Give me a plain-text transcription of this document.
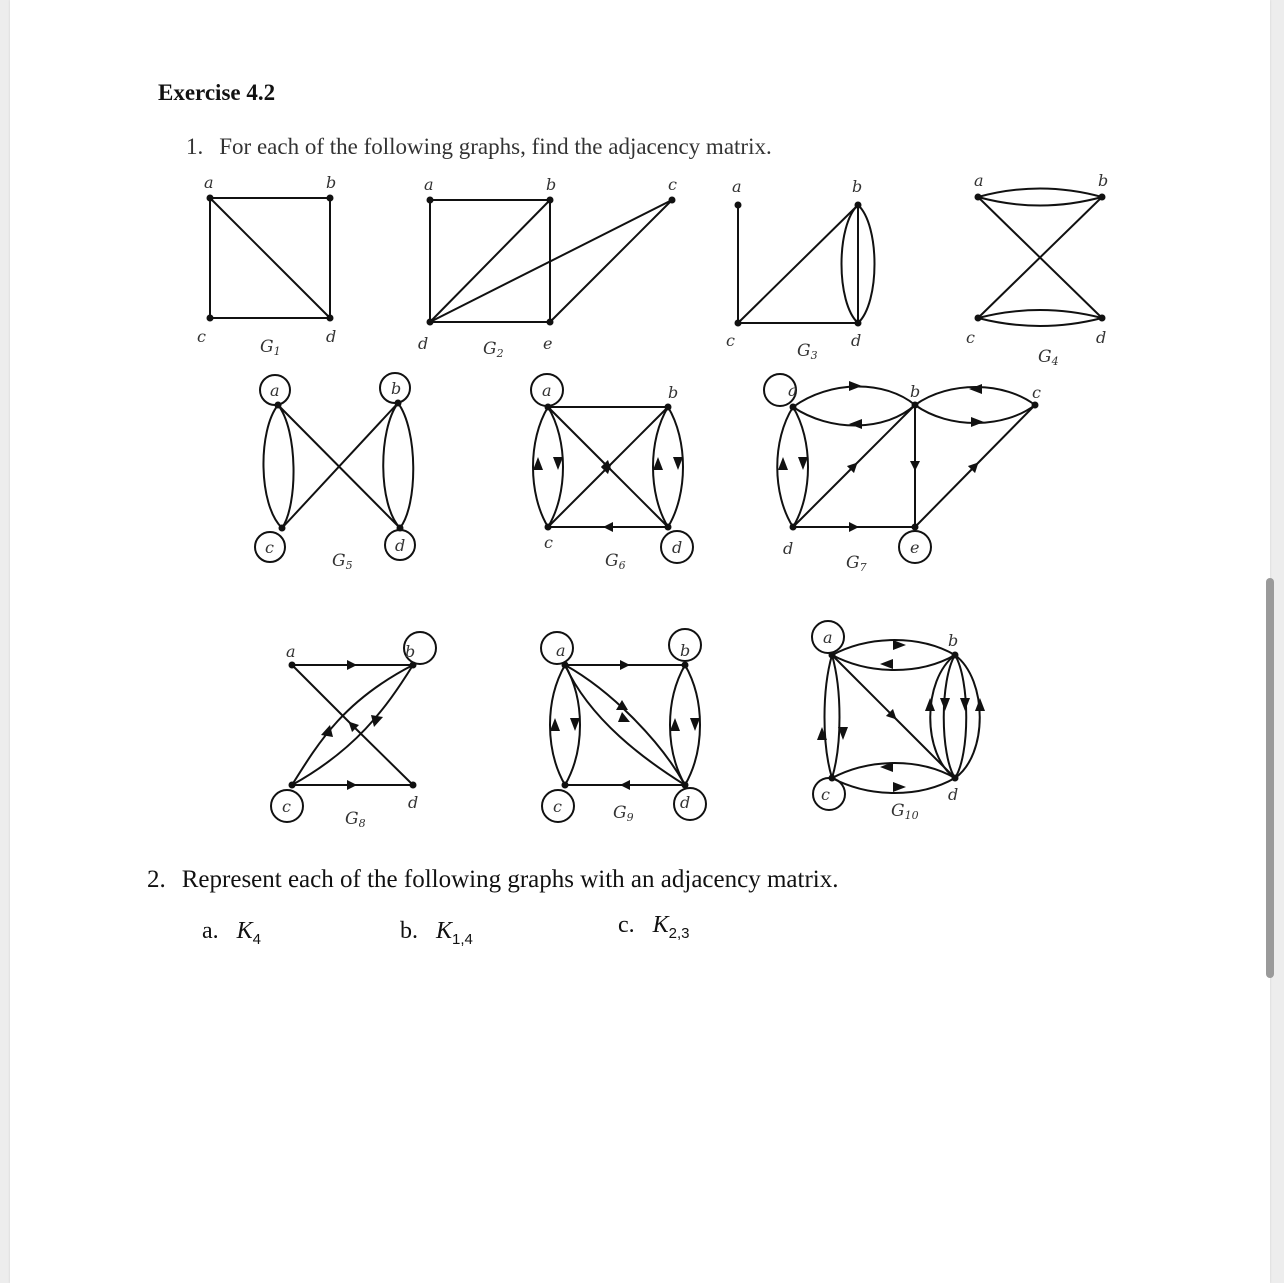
Exercise 4.2
1. For each of the following graphs, find the adjacency matrix.
a	b
c	d
a	b	c
d	e
a	b
c	d
a	b
c	d
a	b
c	d
a	b
c	d
a	b	c
d	e
a	b
c	d
a	b
c	d
a	b
c	d
G1	G2	G3	G4
G5	G6	G7
G8
G9	G10
2. Represent each of the following graphs with an adjacency matrix.
a. $K_4$	b. $K_{1,4}$
c. $K_{2,3}$
